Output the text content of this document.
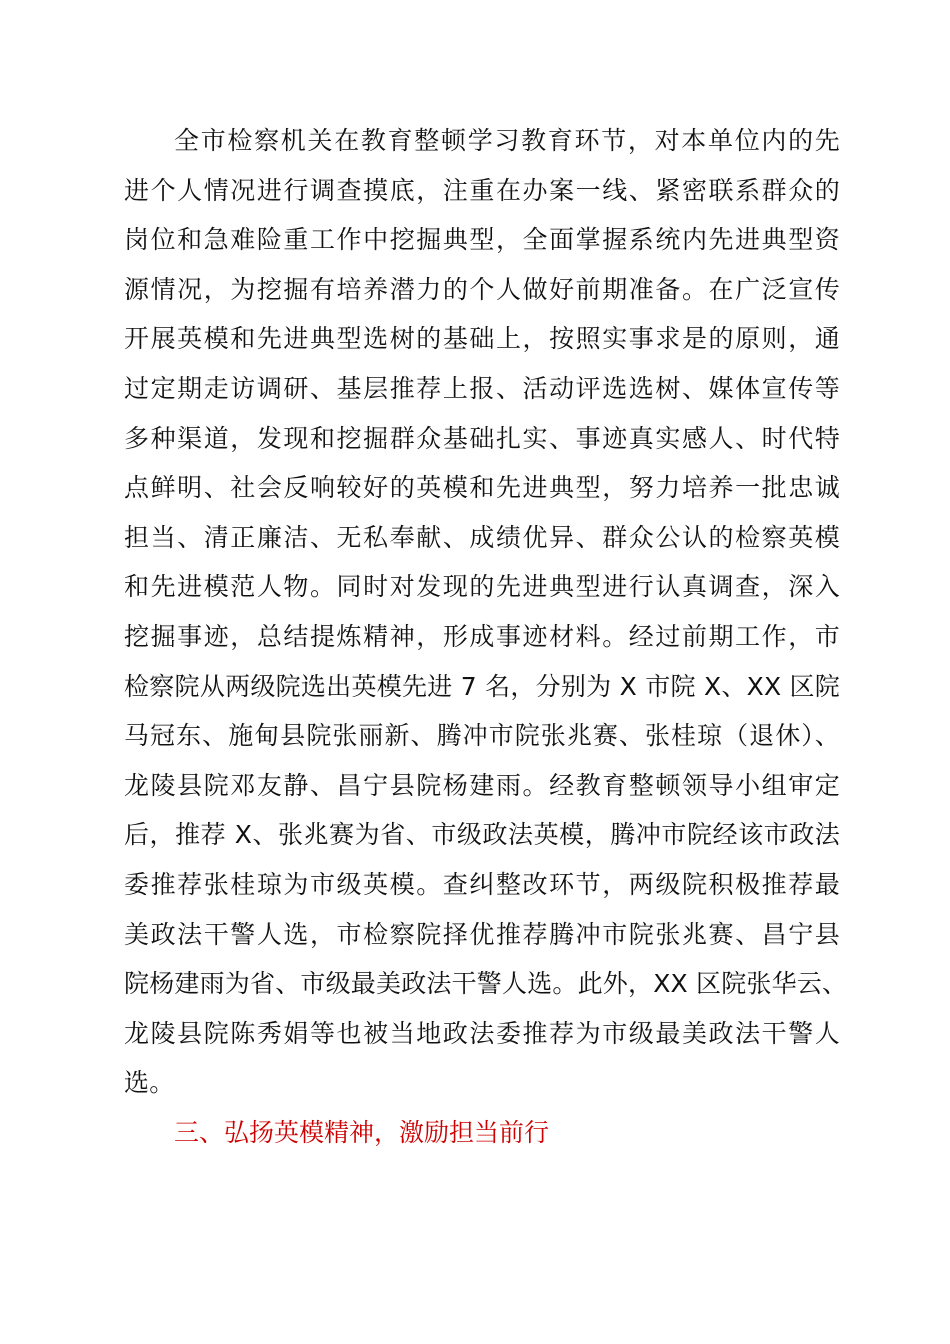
全市检察机关在教育整顿学习教育环节，对本单位内的先
进个人情况进行调查摸底，注重在办案一线、紧密联系群众的
岗位和急难险重工作中挖掘典型，全面掌握系统内先进典型资
源情况，为挖掘有培养潜力的个人做好前期准备。在广泛宣传
开展英模和先进典型选树的基础上，按照实事求是的原则，通
过定期走访调研、基层推荐上报、活动评选选树、媒体宣传等
多种渠道，发现和挖掘群众基础扎实、事迹真实感人、时代特
点鲜明、社会反响较好的英模和先进典型，努力培养一批忠诚
担当、清正廉洁、无私奉献、成绩优异、群众公认的检察英模
和先进模范人物。同时对发现的先进典型进行认真调查，深入
挖掘事迹，总结提炼精神，形成事迹材料。经过前期工作，市
检察院从两级院选出英模先进 7 名，分别为 X 市院 X、XX 区院
马冠东、施甸县院张丽新、腾冲市院张兆赛、张桂琼（退休）、
龙陵县院邓友静、昌宁县院杨建雨。经教育整顿领导小组审定
后，推荐 X、张兆赛为省、市级政法英模，腾冲市院经该市政法
委推荐张桂琼为市级英模。查纠整改环节，两级院积极推荐最
美政法干警人选，市检察院择优推荐腾冲市院张兆赛、昌宁县
院杨建雨为省、市级最美政法干警人选。此外，XX 区院张华云、
龙陵县院陈秀娟等也被当地政法委推荐为市级最美政法干警人
选。
三、弘扬英模精神，激励担当前行
